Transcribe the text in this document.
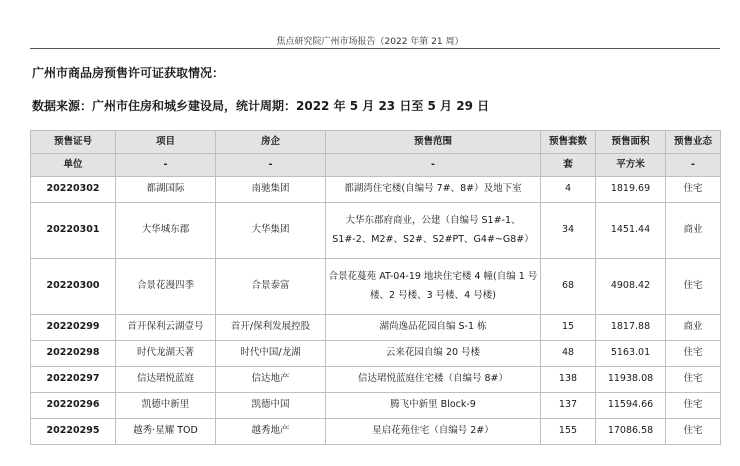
焦点研究院广州市场报告（2022 年第 21 周）
广州市商品房预售许可证获取情况：
数据来源：广州市住房和城乡建设局，统计周期：2022 年 5 月 23 日至 5 月 29 日
预售证号	项目	房企	预售范围	预售套数	预售面积	预售业态
单位	-	-	-	套	平方米	-
20220302	都湖国际	南驰集团	都湖湾住宅楼(自编号 7#、8#）及地下室	4	1819.69	住宅
20220301	大华城东郡	大华集团	大华东郡府商业，公建（自编号 S1#-1、S1#-2、M2#、S2#、S2#PT、G4#~G8#）	34	1451.44	商业
20220300	合景花漫四季	合景泰富	合景花蔓苑 AT-04-19 地块住宅楼 4 幢(自编 1 号楼、2 号楼、3 号楼、4 号楼)	68	4908.42	住宅
20220299	首开保利云湖壹号	首开/保利发展控股	湖尚逸品花园自编 S-1 栋	15	1817.88	商业
20220298	时代龙湖天著	时代中国/龙湖	云来花园自编 20 号楼	48	5163.01	住宅
20220297	信达珺悦蓝庭	信达地产	信达珺悦蓝庭住宅楼（自编号 8#）	138	11938.08	住宅
20220296	凯德中新里	凯德中国	腾飞中新里 Block-9	137	11594.66	住宅
20220295	越秀·星耀 TOD	越秀地产	星启花苑住宅（自编号 2#）	155	17086.58	住宅
